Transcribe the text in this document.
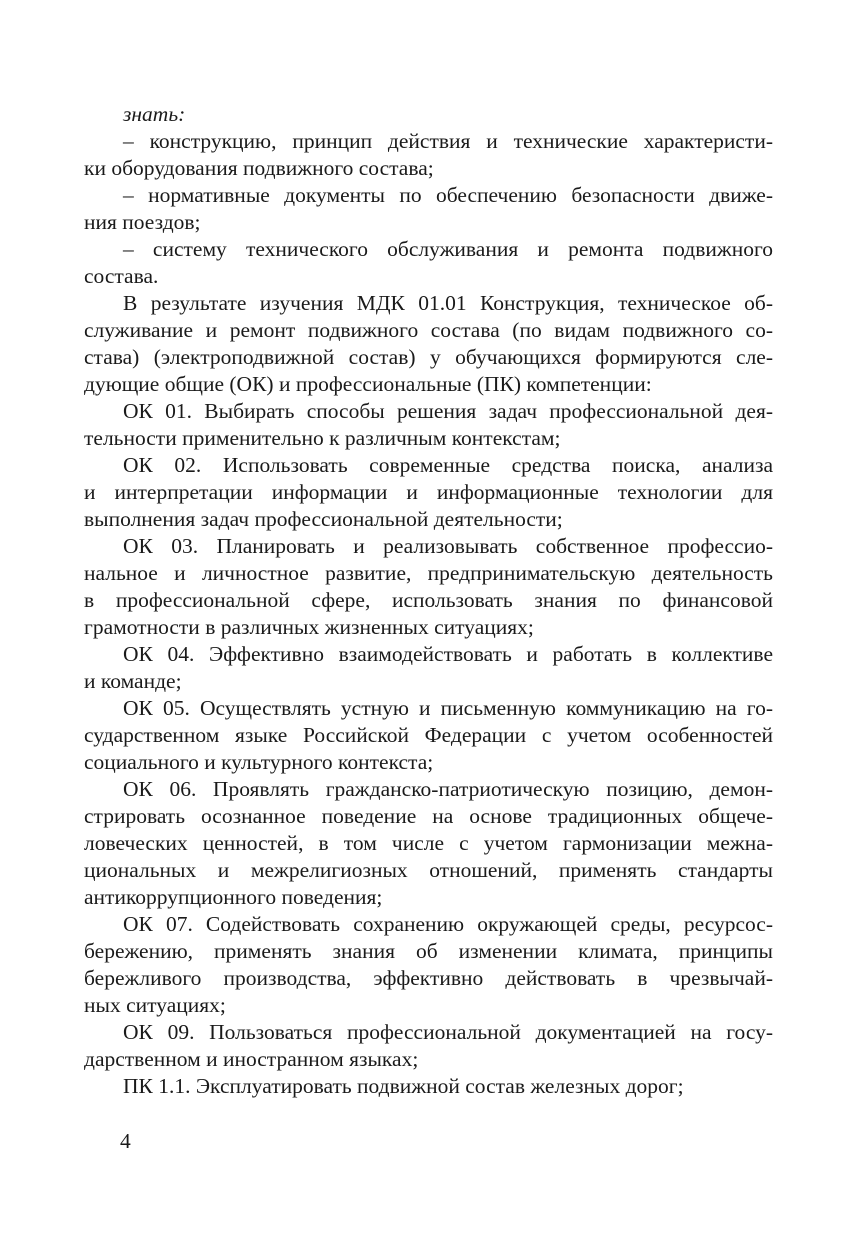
знать:
– конструкцию, принцип действия и технические характеристи-
ки оборудования подвижного состава;
– нормативные документы по обеспечению безопасности движе-
ния поездов;
– систему технического обслуживания и ремонта подвижного
состава.
В результате изучения МДК 01.01 Конструкция, техническое об-
служивание и ремонт подвижного состава (по видам подвижного со-
става) (электроподвижной состав) у обучающихся формируются сле-
дующие общие (ОК) и профессиональные (ПК) компетенции:
ОК 01. Выбирать способы решения задач профессиональной дея-
тельности применительно к различным контекстам;
ОК 02. Использовать современные средства поиска, анализа
и интерпретации информации и информационные технологии для
выполнения задач профессиональной деятельности;
ОК 03. Планировать и реализовывать собственное профессио-
нальное и личностное развитие, предпринимательскую деятельность
в профессиональной сфере, использовать знания по финансовой
грамотности в различных жизненных ситуациях;
ОК 04. Эффективно взаимодействовать и работать в коллективе
и команде;
ОК 05. Осуществлять устную и письменную коммуникацию на го-
сударственном языке Российской Федерации с учетом особенностей
социального и культурного контекста;
ОК 06. Проявлять гражданско-патриотическую позицию, демон-
стрировать осознанное поведение на основе традиционных общече-
ловеческих ценностей, в том числе с учетом гармонизации межна-
циональных и межрелигиозных отношений, применять стандарты
антикоррупционного поведения;
ОК 07. Содействовать сохранению окружающей среды, ресурсос-
бережению, применять знания об изменении климата, принципы
бережливого производства, эффективно действовать в чрезвычай-
ных ситуациях;
ОК 09. Пользоваться профессиональной документацией на госу-
дарственном и иностранном языках;
ПК 1.1. Эксплуатировать подвижной состав железных дорог;
4
